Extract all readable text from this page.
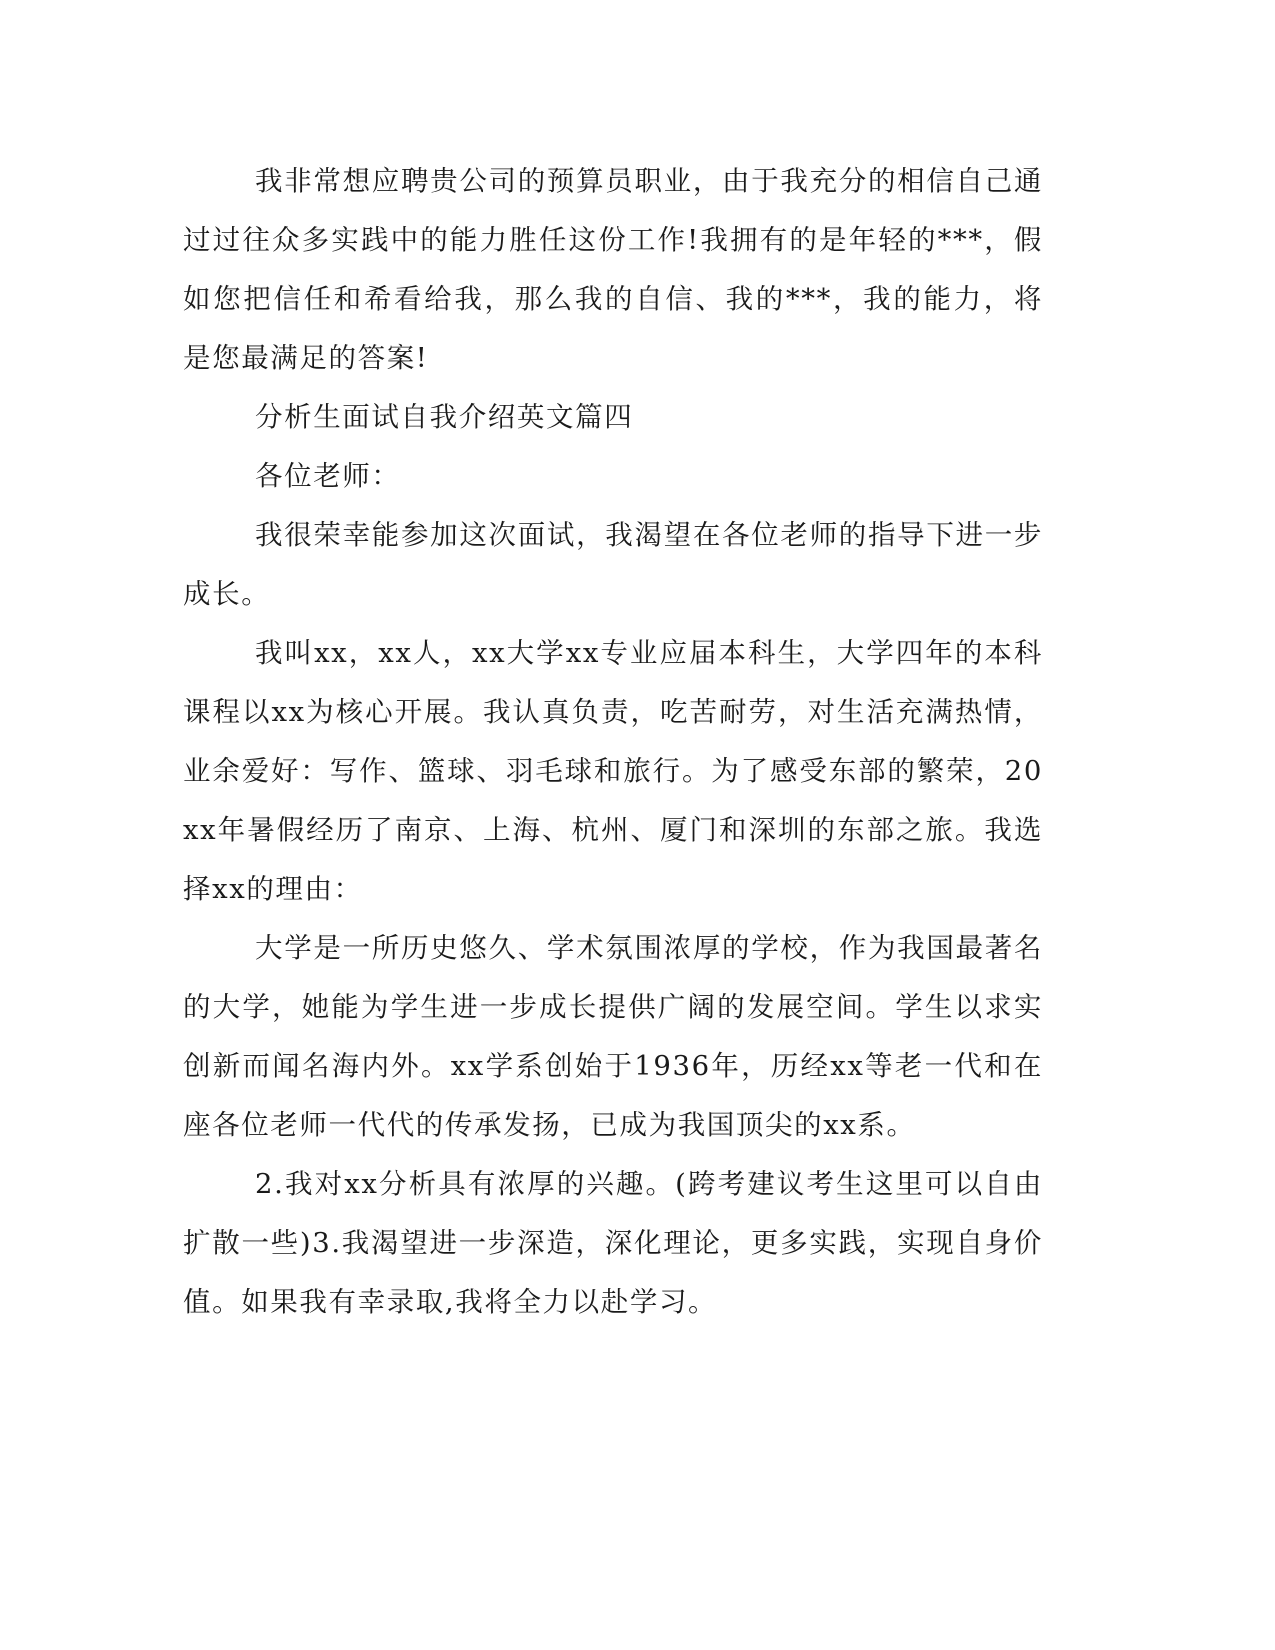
我非常想应聘贵公司的预算员职业，由于我充分的相信自己通过过往众多实践中的能力胜任这份工作!我拥有的是年轻的***，假如您把信任和希看给我，那么我的自信、我的***，我的能力，将是您最满足的答案!

分析生面试自我介绍英文篇四

各位老师：

我很荣幸能参加这次面试，我渴望在各位老师的指导下进一步成长。

我叫xx，xx人，xx大学xx专业应届本科生，大学四年的本科课程以xx为核心开展。我认真负责，吃苦耐劳，对生活充满热情，业余爱好：写作、篮球、羽毛球和旅行。为了感受东部的繁荣，20xx年暑假经历了南京、上海、杭州、厦门和深圳的东部之旅。我选择xx的理由：

大学是一所历史悠久、学术氛围浓厚的学校，作为我国最著名的大学，她能为学生进一步成长提供广阔的发展空间。学生以求实创新而闻名海内外。xx学系创始于1936年，历经xx等老一代和在座各位老师一代代的传承发扬，已成为我国顶尖的xx系。

2.我对xx分析具有浓厚的兴趣。(跨考建议考生这里可以自由扩散一些)3.我渴望进一步深造，深化理论，更多实践，实现自身价值。如果我有幸录取,我将全力以赴学习。
